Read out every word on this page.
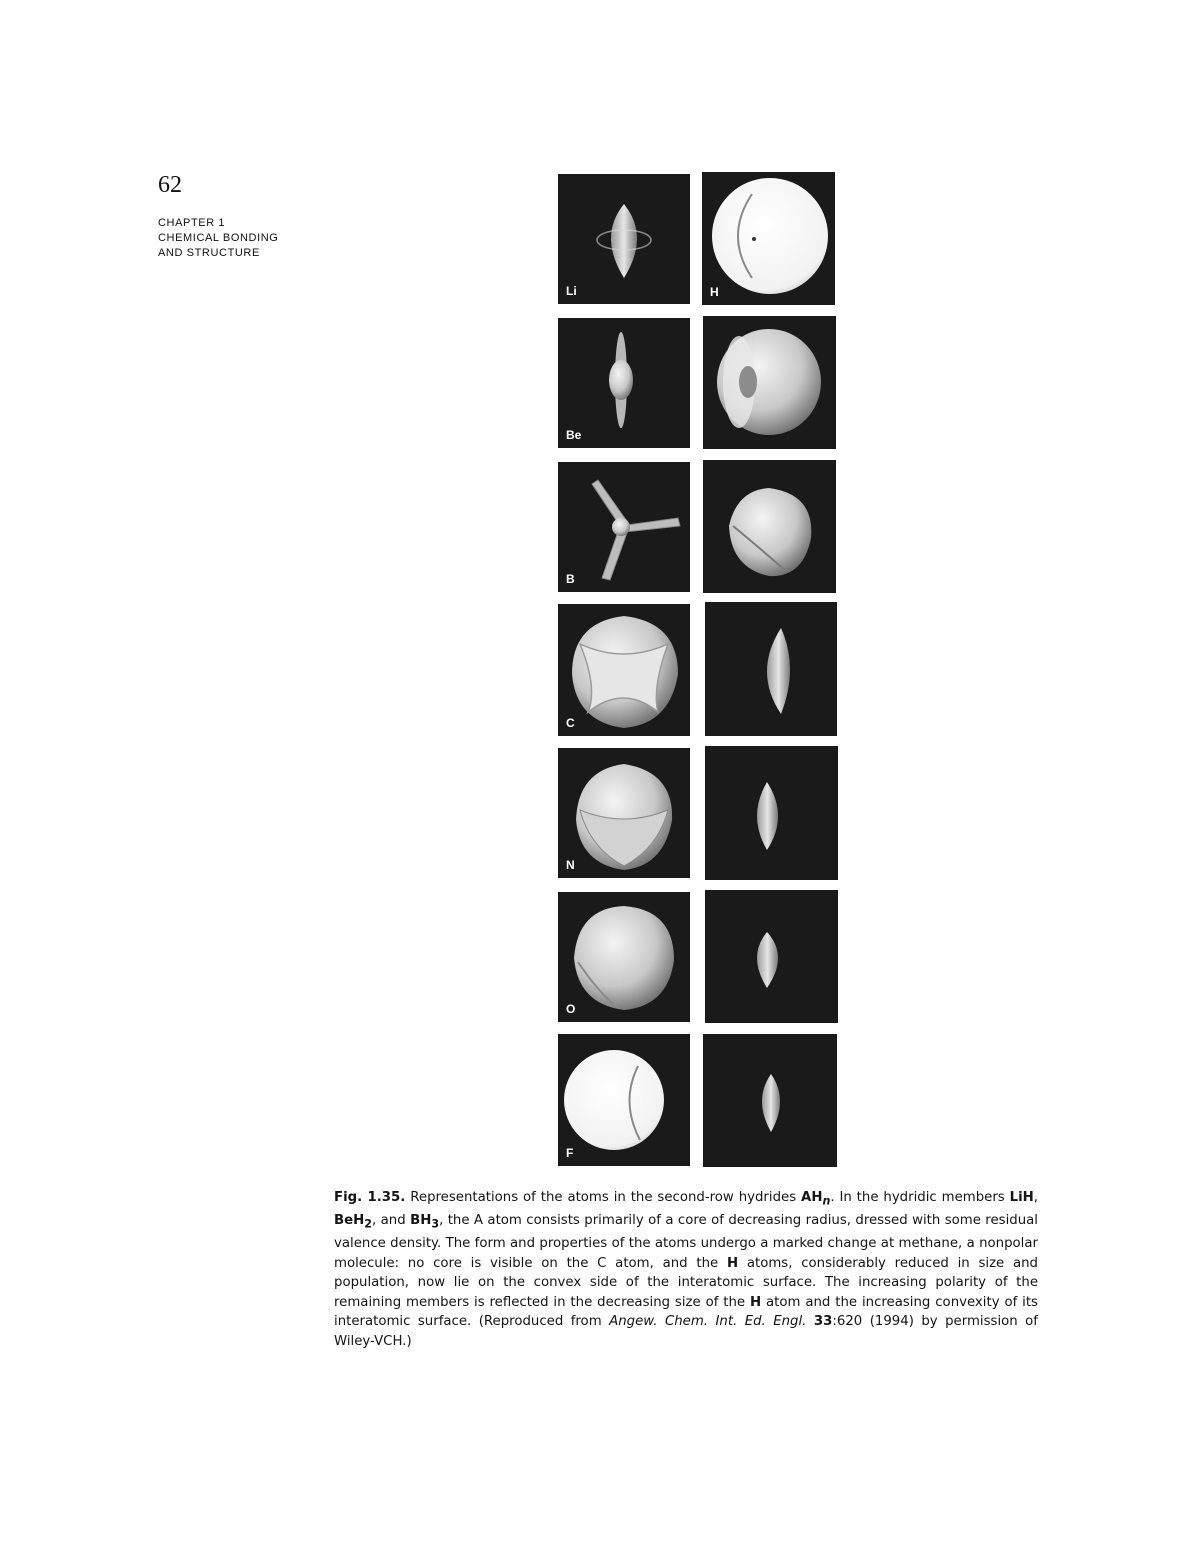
62
CHAPTER 1
CHEMICAL BONDING
AND STRUCTURE
Li	H
Be
B
C
N
O
F
Fig. 1.35. Representations of the atoms in the second-row hydrides $AH_n$. In the hydridic members LiH, BeH$_2$, and $BH_3$, the A atom consists primarily of a core of decreasing radius, dressed with some residual valence density. The form and properties of the atoms undergo a marked change at methane, a nonpolar molecule: no core is visible on the C atom, and the H atoms, considerably reduced in size and population, now lie on the convex side of the interatomic surface. The increasing polarity of the remaining members is reflected in the decreasing size of the H atom and the increasing convexity of its interatomic surface. (Reproduced from Angew. Chem. Int. Ed. Engl. 33:620 (1994) by permission of Wiley-VCH.)
